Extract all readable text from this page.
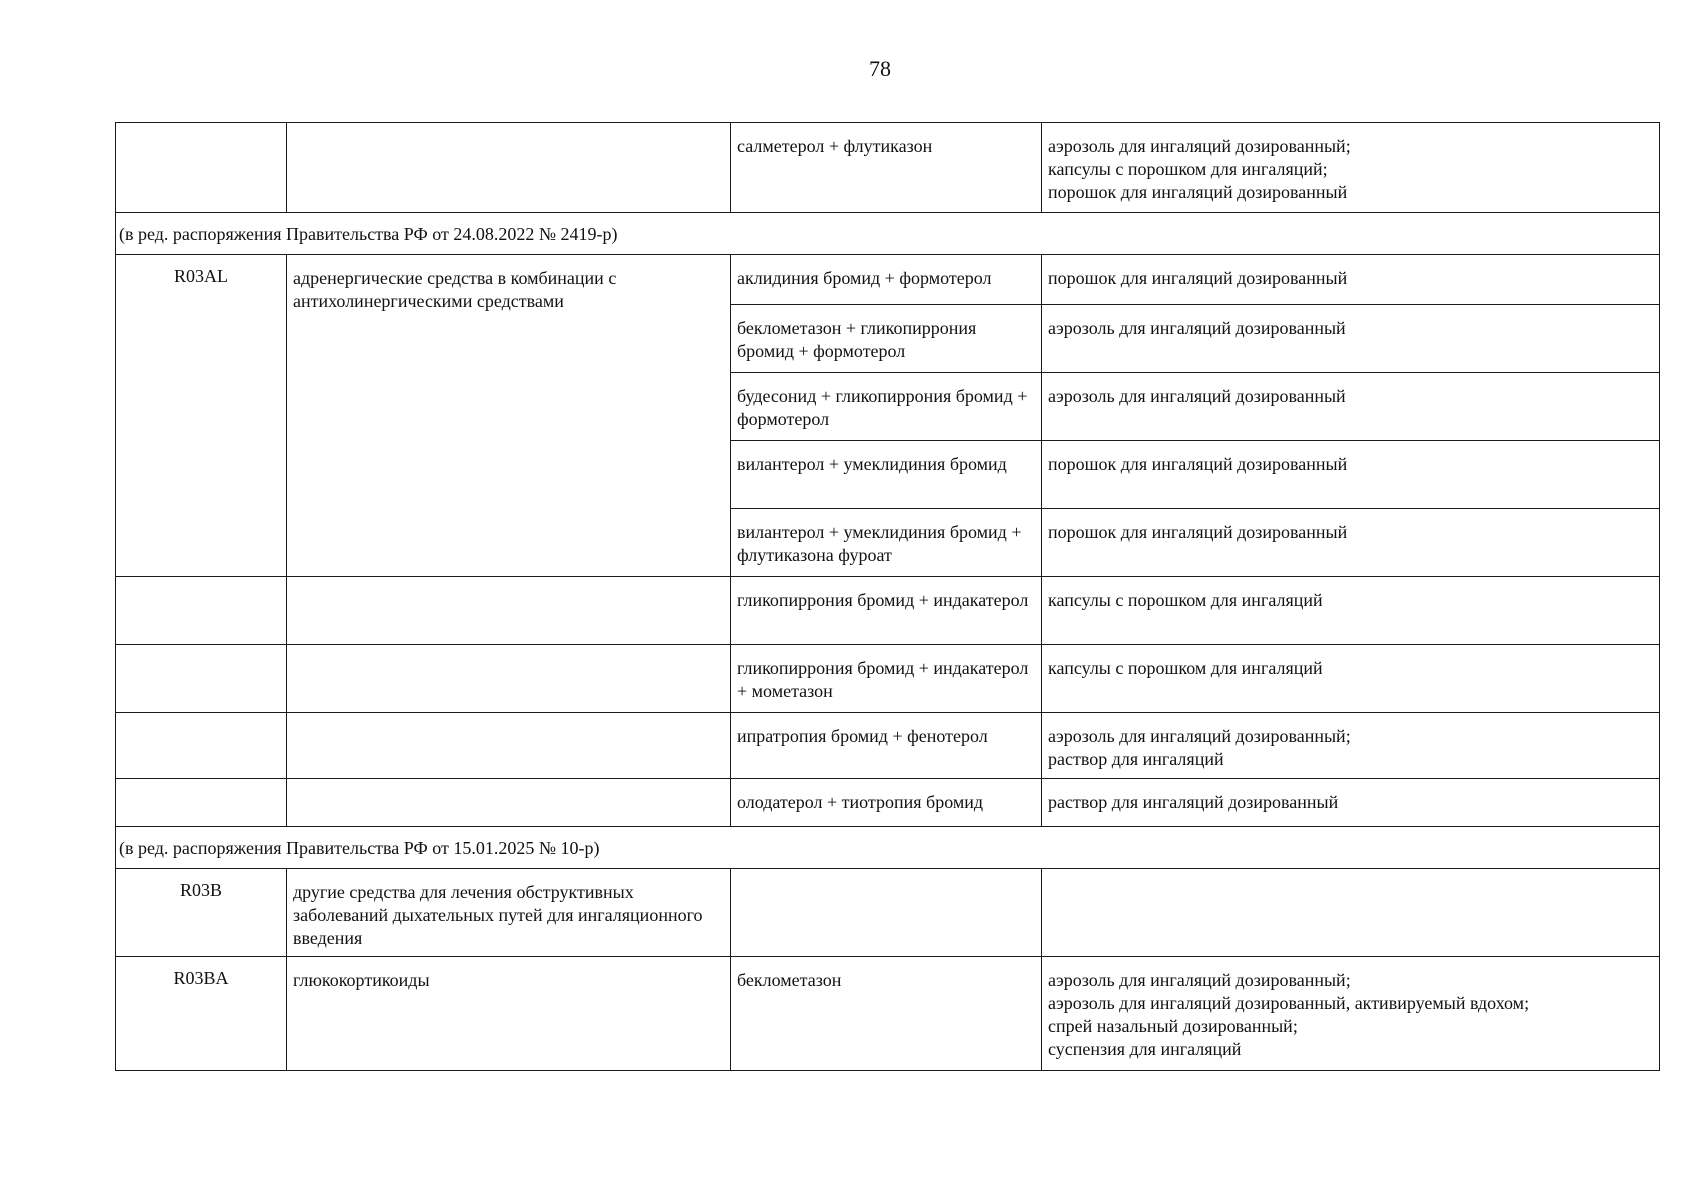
78
		салметерол + флутиказон	аэрозоль для ингаляций дозированный;
капсулы с порошком для ингаляций;
порошок для ингаляций дозированный
(в ред. распоряжения Правительства РФ от 24.08.2022 № 2419-р)			
R03AL	адренергические средства в комбинации с антихолинергическими средствами	аклидиния бромид + формотерол	порошок для ингаляций дозированный
		беклометазон + гликопиррония бромид + формотерол	аэрозоль для ингаляций дозированный
		будесонид + гликопиррония бромид + формотерол	аэрозоль для ингаляций дозированный
		вилантерол + умеклидиния бромид	порошок для ингаляций дозированный
		вилантерол + умеклидиния бромид + флутиказона фуроат	порошок для ингаляций дозированный
		гликопиррония бромид + индакатерол	капсулы с порошком для ингаляций
		гликопиррония бромид + индакатерол + мометазон	капсулы с порошком для ингаляций
		ипратропия бромид + фенотерол	аэрозоль для ингаляций дозированный;
раствор для ингаляций
		олодатерол + тиотропия бромид	раствор для ингаляций дозированный
(в ред. распоряжения Правительства РФ от 15.01.2025 № 10-р)			
R03B	другие средства для лечения обструктивных заболеваний дыхательных путей для ингаляционного введения		
R03BA	глюкокортикоиды	беклометазон	аэрозоль для ингаляций дозированный;
аэрозоль для ингаляций дозированный, активируемый вдохом;
спрей назальный дозированный;
суспензия для ингаляций
